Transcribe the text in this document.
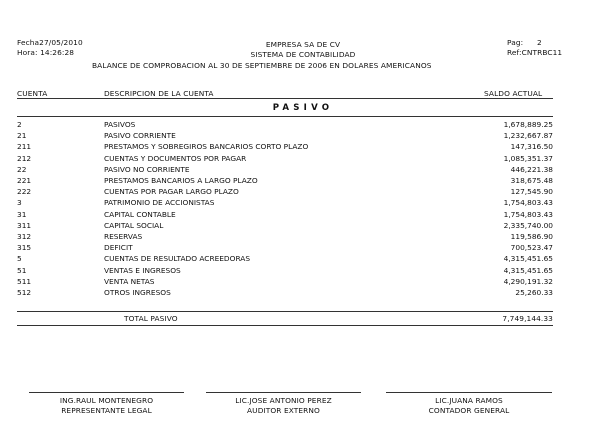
Fecha27/05/2010
Hora: 14:26:28
EMPRESA SA DE CV
SISTEMA DE CONTABILIDAD
BALANCE DE COMPROBACION AL 30 DE SEPTIEMBRE DE 2006 EN DOLARES AMERICANOS
Pag: 2
Ref:CNTRBC11
CUENTA	DESCRIPCION DE LA CUENTA	SALDO ACTUAL
PASIVO
2	PASIVOS	1,678,889.25
21	PASIVO CORRIENTE	1,232,667.87
211	PRESTAMOS Y SOBREGIROS BANCARIOS CORTO PLAZO	147,316.50
212	CUENTAS Y DOCUMENTOS POR PAGAR	1,085,351.37
22	PASIVO NO CORRIENTE	446,221.38
221	PRESTAMOS BANCARIOS A LARGO PLAZO	318,675.48
222	CUENTAS POR PAGAR LARGO PLAZO	127,545.90
3	PATRIMONIO DE ACCIONISTAS	1,754,803.43
31	CAPITAL CONTABLE	1,754,803.43
311	CAPITAL SOCIAL	2,335,740.00
312	RESERVAS	119,586.90
315	DEFICIT	700,523.47
5	CUENTAS DE RESULTADO ACREEDORAS	4,315,451.65
51	VENTAS E INGRESOS	4,315,451.65
511	VENTA NETAS	4,290,191.32
512	OTROS INGRESOS	25,260.33
TOTAL PASIVO	7,749,144.33
ING.RAUL MONTENEGRO
REPRESENTANTE LEGAL
LIC.JOSE ANTONIO PEREZ
AUDITOR EXTERNO
LIC.JUANA RAMOS
CONTADOR GENERAL
